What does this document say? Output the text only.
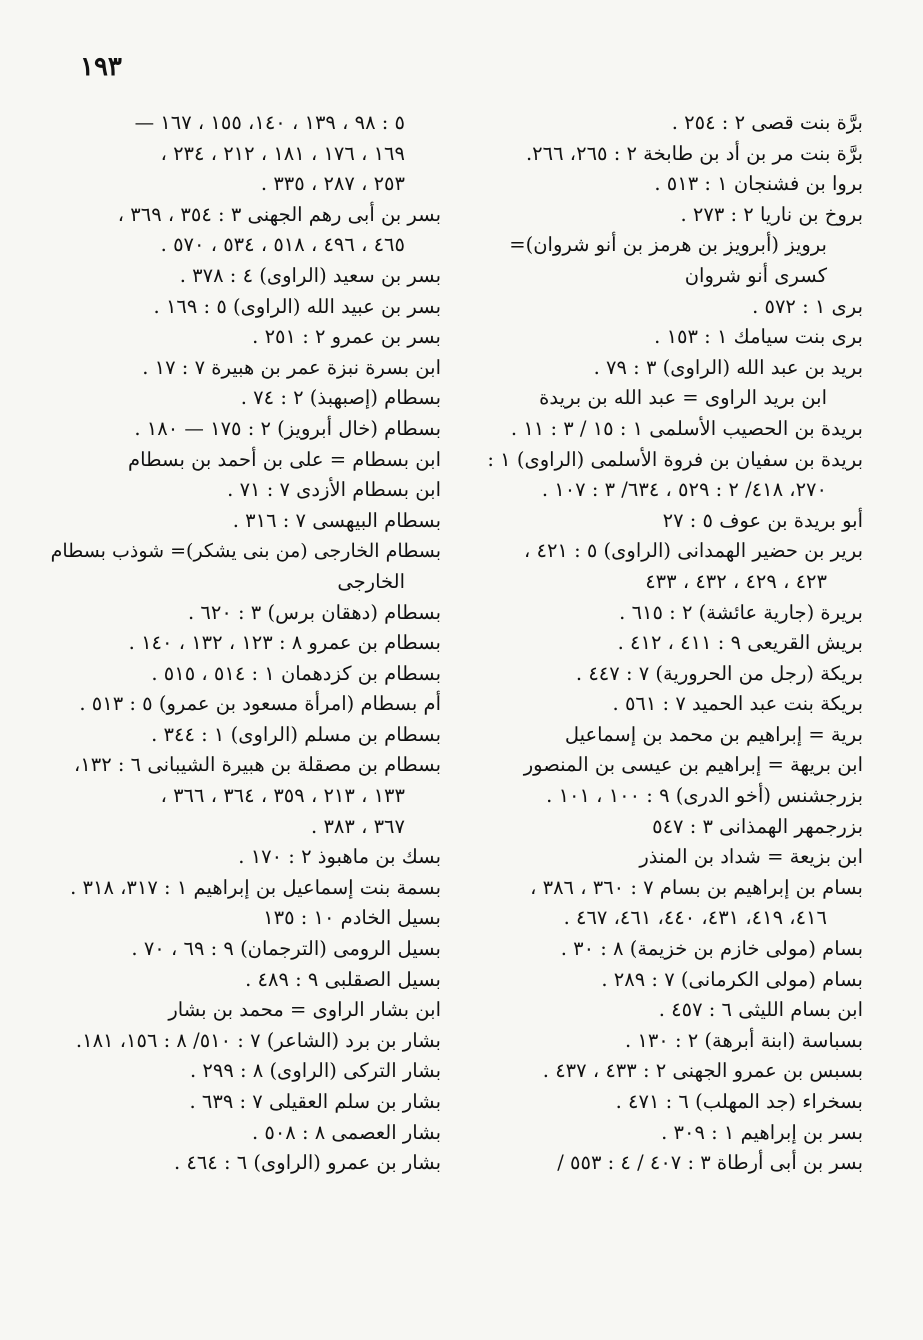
١٩٣
برَّة بنت قصى ٢ : ٢٥٤ .
برَّة بنت مر بن أد بن طابخة ٢ : ٢٦٥، ٢٦٦.
بروا بن فشنجان ١ : ٥١٣ .
بروخ بن ناريا ٢ : ٢٧٣ .
برويز (أبرويز بن هرمز بن أنو شروان)=
كسرى أنو شروان
برى ١ : ٥٧٢ .
برى بنت سيامك ١ : ١٥٣ .
بريد بن عبد الله (الراوى) ٣ : ٧٩ .
ابن بريد الراوى = عبد الله بن بريدة
بريدة بن الحصيب الأسلمى ١ : ١٥ / ٣ : ١١ .
بريدة بن سفيان بن فروة الأسلمى (الراوى) ١ :
٢٧٠، ٤١٨/ ٢ : ٥٢٩ ، ٦٣٤/ ٣ : ١٠٧ .
أبو بريدة بن عوف ٥ : ٢٧
برير بن حضير الهمدانى (الراوى) ٥ : ٤٢١ ،
٤٢٣ ، ٤٢٩ ، ٤٣٢ ، ٤٣٣
بريرة (جارية عائشة) ٢ : ٦١٥ .
بريش القريعى ٩ : ٤١١ ، ٤١٢ .
بريكة (رجل من الحرورية) ٧ : ٤٤٧ .
بريكة بنت عبد الحميد ٧ : ٥٦١ .
برية = إبراهيم بن محمد بن إسماعيل
ابن بريهة = إبراهيم بن عيسى بن المنصور
بزرجشنس (أخو الدرى) ٩ : ١٠٠ ، ١٠١ .
بزرجمهر الهمذانى ٣ : ٥٤٧
ابن بزيعة = شداد بن المنذر
بسام بن إبراهيم بن بسام ٧ : ٣٦٠ ، ٣٨٦ ،
٤١٦، ٤١٩، ٤٣١، ٤٤٠، ٤٦١، ٤٦٧ .
بسام (مولى خازم بن خزيمة) ٨ : ٣٠ .
بسام (مولى الكرمانى) ٧ : ٢٨٩ .
ابن بسام الليثى ٦ : ٤٥٧ .
بسباسة (ابنة أبرهة) ٢ : ١٣٠ .
بسبس بن عمرو الجهنى ٢ : ٤٣٣ ، ٤٣٧ .
بسخراء (جد المهلب) ٦ : ٤٧١ .
بسر بن إبراهيم ١ : ٣٠٩ .
بسر بن أبى أرطاة ٣ : ٤٠٧ / ٤ : ٥٥٣ /
٥ : ٩٨ ، ١٣٩ ، ١٤٠، ١٥٥ ، ١٦٧ —
١٦٩ ، ١٧٦ ، ١٨١ ، ٢١٢ ، ٢٣٤ ،
٢٥٣ ، ٢٨٧ ، ٣٣٥ .
بسر بن أبى رهم الجهنى ٣ : ٣٥٤ ، ٣٦٩ ،
٤٦٥ ، ٤٩٦ ، ٥١٨ ، ٥٣٤ ، ٥٧٠ .
بسر بن سعيد (الراوى) ٤ : ٣٧٨ .
بسر بن عبيد الله (الراوى) ٥ : ١٦٩ .
بسر بن عمرو ٢ : ٢٥١ .
ابن بسرة نبزة عمر بن هبيرة ٧ : ١٧ .
بسطام (إصبهبذ) ٢ : ٧٤ .
بسطام (خال أبرويز) ٢ : ١٧٥ — ١٨٠ .
ابن بسطام = على بن أحمد بن بسطام
ابن بسطام الأزدى ٧ : ٧١ .
بسطام البيهسى ٧ : ٣١٦ .
بسطام الخارجى (من بنى يشكر)= شوذب بسطام
الخارجى
بسطام (دهقان برس) ٣ : ٦٢٠ .
بسطام بن عمرو ٨ : ١٢٣ ، ١٣٢ ، ١٤٠ .
بسطام بن كزدهمان ١ : ٥١٤ ، ٥١٥ .
أم بسطام (امرأة مسعود بن عمرو) ٥ : ٥١٣ .
بسطام بن مسلم (الراوى) ١ : ٣٤٤ .
بسطام بن مصقلة بن هبيرة الشيبانى ٦ : ١٣٢،
١٣٣ ، ٢١٣ ، ٣٥٩ ، ٣٦٤ ، ٣٦٦ ،
٣٦٧ ، ٣٨٣ .
بسك بن ماهبوذ ٢ : ١٧٠ .
بسمة بنت إسماعيل بن إبراهيم ١ : ٣١٧، ٣١٨ .
بسيل الخادم ١٠ : ١٣٥
بسيل الرومى (الترجمان) ٩ : ٦٩ ، ٧٠ .
بسيل الصقلبى ٩ : ٤٨٩ .
ابن بشار الراوى = محمد بن بشار
بشار بن برد (الشاعر) ٧ : ٥١٠/ ٨ : ١٥٦، ١٨١.
بشار التركى (الراوى) ٨ : ٢٩٩ .
بشار بن سلم العقيلى ٧ : ٦٣٩ .
بشار العصمى ٨ : ٥٠٨ .
بشار بن عمرو (الراوى) ٦ : ٤٦٤ .
